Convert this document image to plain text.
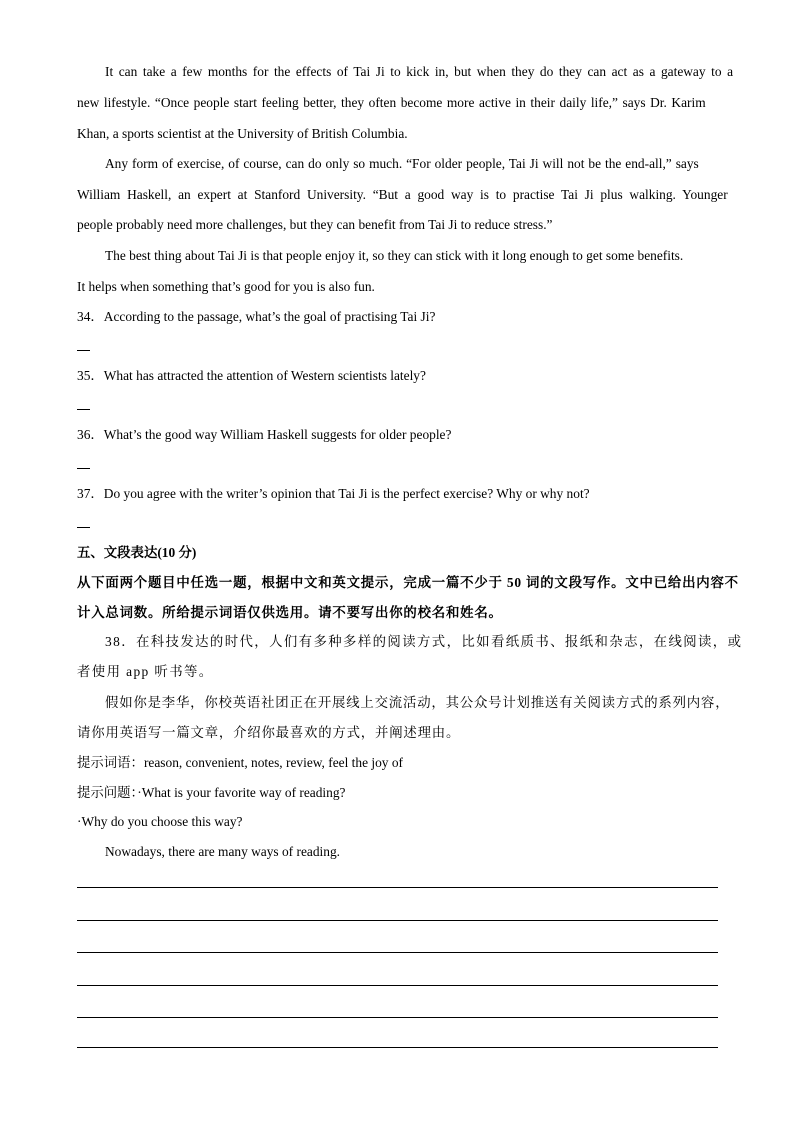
It can take a few months for the effects of Tai Ji to kick in, but when they do they can act as a gateway to a
new lifestyle. “Once people start feeling better, they often become more active in their daily life,” says Dr. Karim
Khan, a sports scientist at the University of British Columbia.
Any form of exercise, of course, can do only so much. “For older people, Tai Ji will not be the end-all,” says
William Haskell, an expert at Stanford University. “But a good way is to practise Tai Ji plus walking. Younger
people probably need more challenges, but they can benefit from Tai Ji to reduce stress.”
The best thing about Tai Ji is that people enjoy it, so they can stick with it long enough to get some benefits.
It helps when something that’s good for you is also fun.
34．According to the passage, what’s the goal of practising Tai Ji?
35．What has attracted the attention of Western scientists lately?
36．What’s the good way William Haskell suggests for older people?
37．Do you agree with the writer’s opinion that Tai Ji is the perfect exercise? Why or why not?
五、文段表达(10 分)
从下面两个题目中任选一题，根据中文和英文提示，完成一篇不少于 50 词的文段写作。文中已给出内容不
计入总词数。所给提示词语仅供选用。请不要写出你的校名和姓名。
38．在科技发达的时代，人们有多种多样的阅读方式，比如看纸质书、报纸和杂志，在线阅读，或
者使用 app 听书等。
假如你是李华，你校英语社团正在开展线上交流活动，其公众号计划推送有关阅读方式的系列内容，
请你用英语写一篇文章，介绍你最喜欢的方式，并阐述理由。
提示词语：reason, convenient, notes, review, feel the joy of
提示问题：·What is your favorite way of reading?
·Why do you choose this way?
Nowadays, there are many ways of reading.
